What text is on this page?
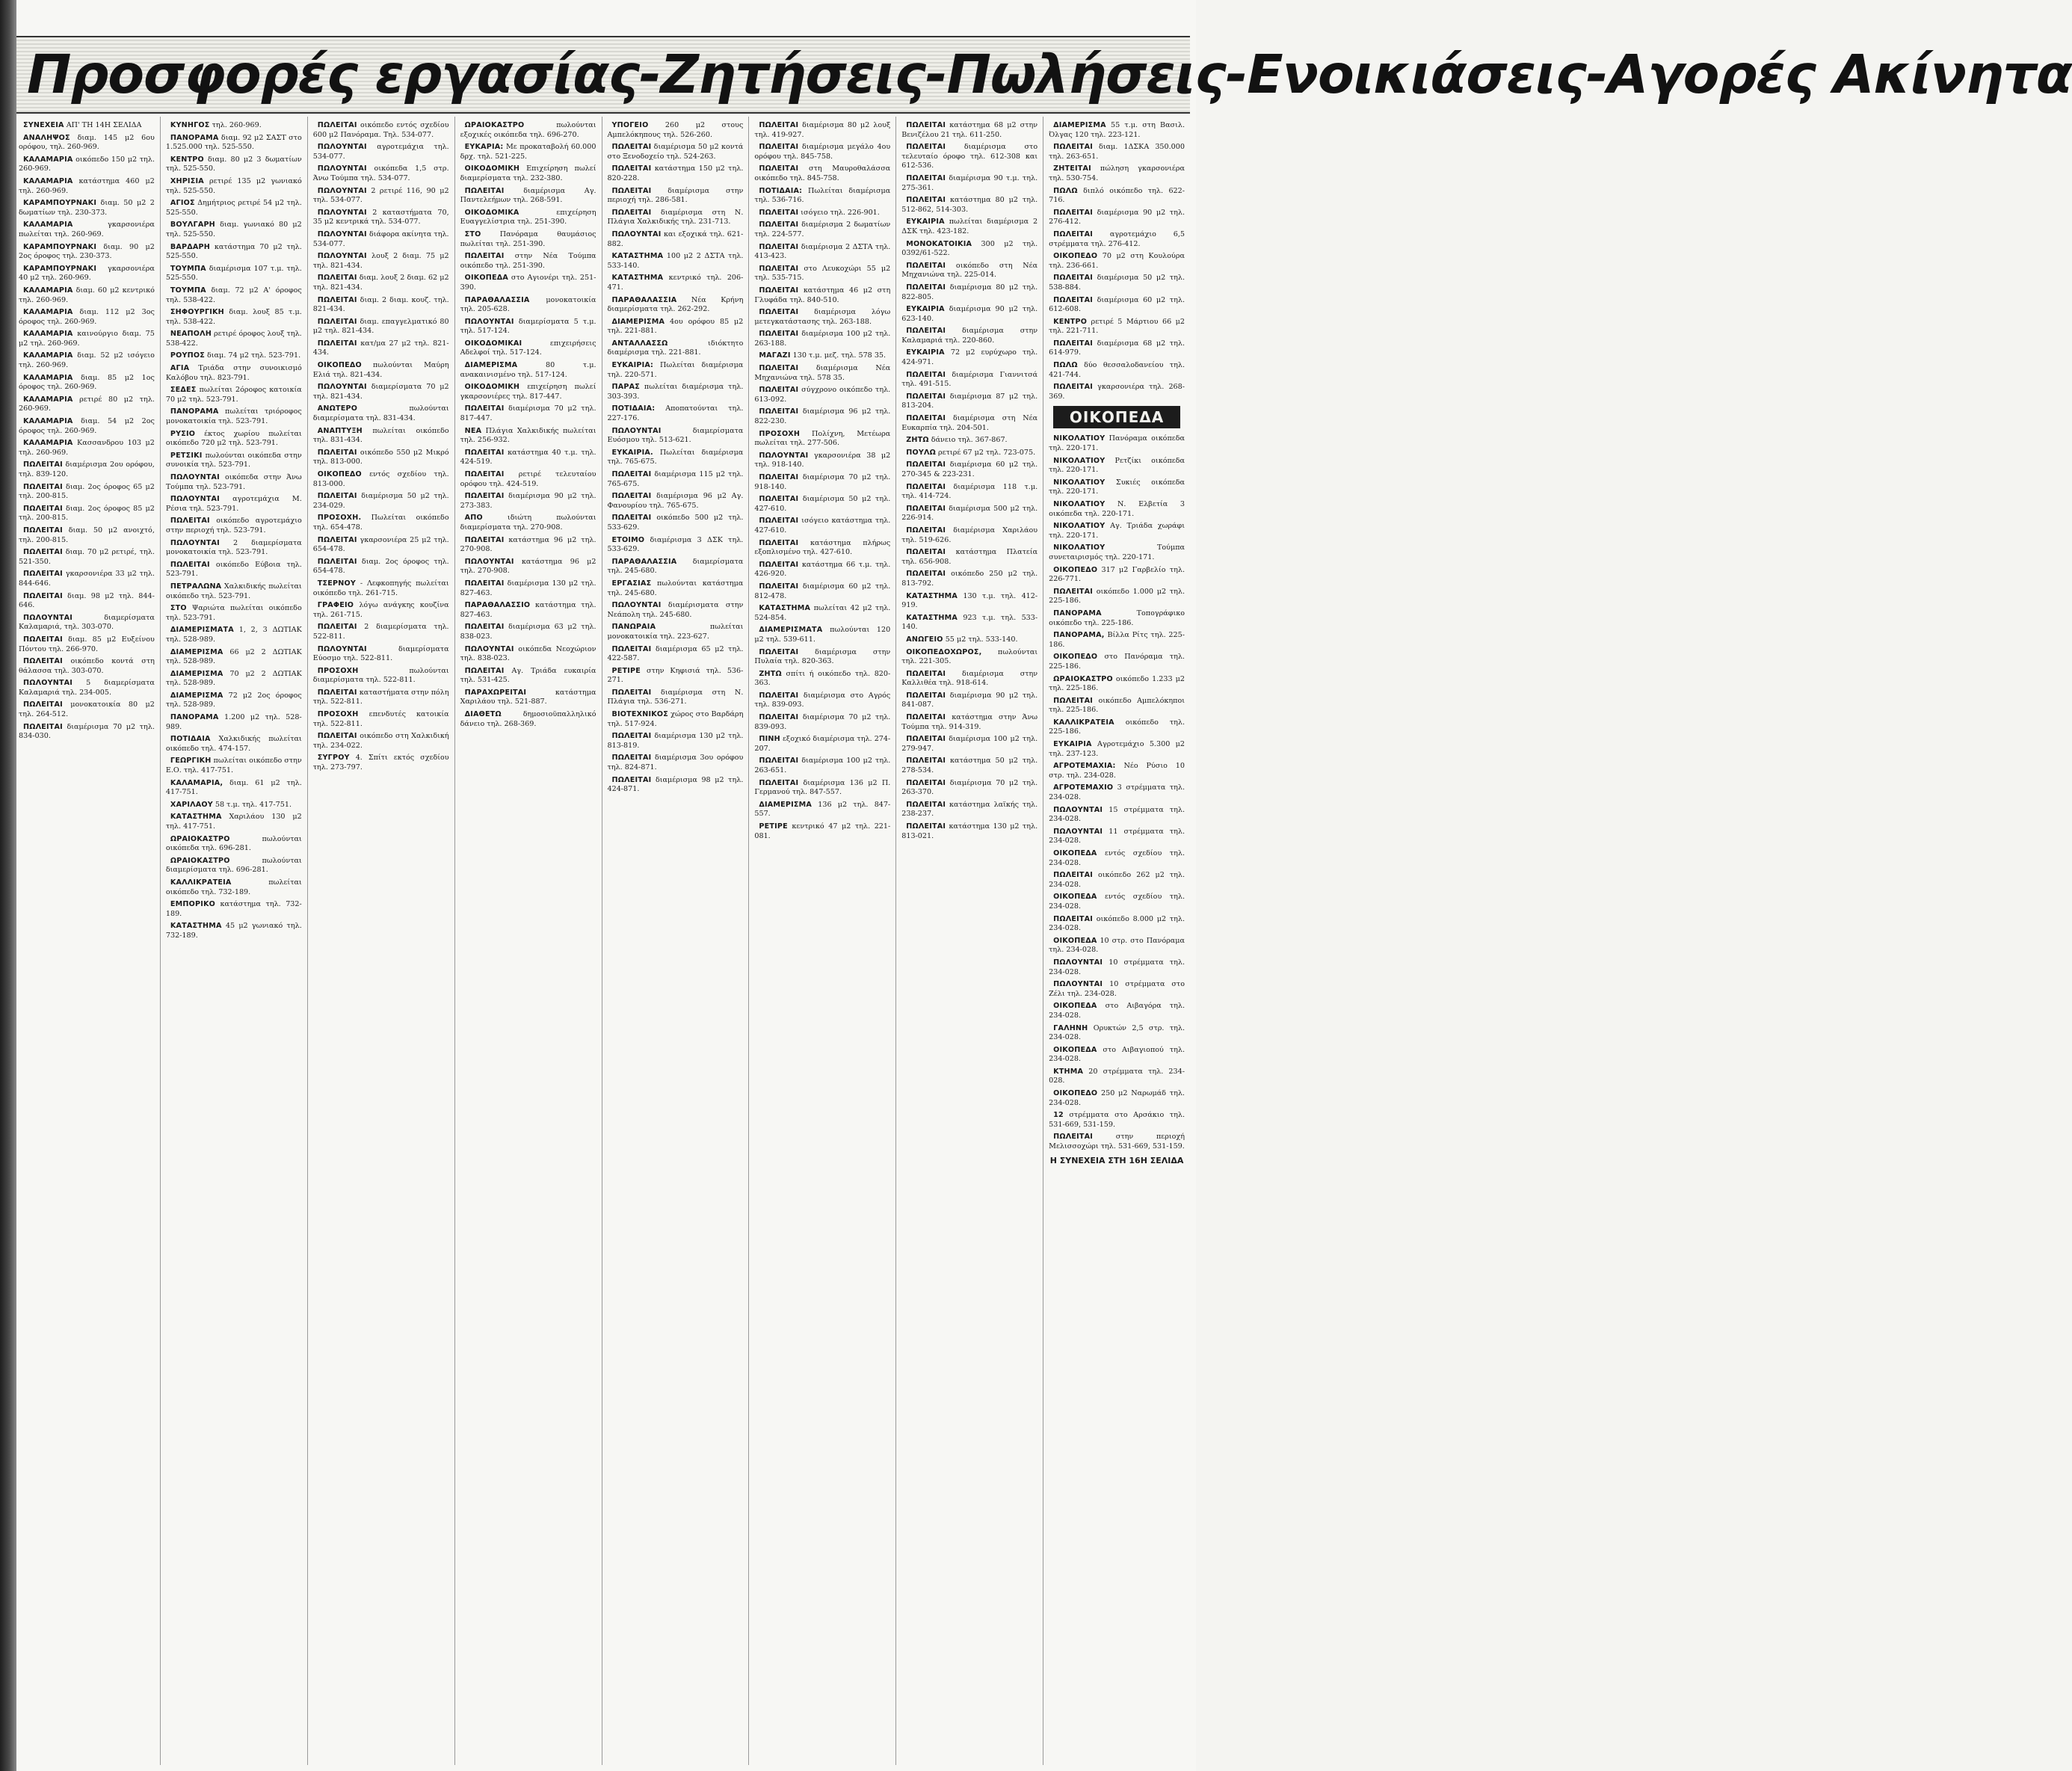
Προσφορές εργασίας-Ζητήσεις-Πωλήσεις-Ενοικιάσεις-Αγορές Ακίνητα

ΣΥΝΕΧΕΙΑ ΑΠ' ΤΗ 14Η ΣΕΛΙΔΑ

ΑΝΑΛΗΨΟΣ διαμ. 145 μ2 6ου ορόφου, τηλ. 260-969.

ΚΑΛΑΜΑΡΙΑ οικόπεδο 150 μ2 τηλ. 260-969.

ΚΑΛΑΜΑΡΙΑ κατάστημα 460 μ2 τηλ. 260-969.

ΚΑΡΑΜΠΟΥΡΝΑΚΙ διαμ. 50 μ2 2 δωματίων τηλ. 230-373.

ΚΑΛΑΜΑΡΙΑ γκαρσονιέρα πωλείται τηλ. 260-969.

ΚΑΡΑΜΠΟΥΡΝΑΚΙ διαμ. 90 μ2 2ος όροφος τηλ. 230-373.

ΚΑΡΑΜΠΟΥΡΝΑΚΙ γκαρσονιέρα 40 μ2 τηλ. 260-969.

ΚΑΛΑΜΑΡΙΑ διαμ. 60 μ2 κεντρικό τηλ. 260-969.

ΚΑΛΑΜΑΡΙΑ διαμ. 112 μ2 3ος όροφος τηλ. 260-969.

ΚΑΛΑΜΑΡΙΑ καινούργιο διαμ. 75 μ2 τηλ. 260-969.

ΚΑΛΑΜΑΡΙΑ διαμ. 52 μ2 ισόγειο τηλ. 260-969.

ΚΑΛΑΜΑΡΙΑ διαμ. 85 μ2 1ος όροφος τηλ. 260-969.

ΚΑΛΑΜΑΡΙΑ ρετιρέ 80 μ2 τηλ. 260-969.

ΚΑΛΑΜΑΡΙΑ διαμ. 54 μ2 2ος όροφος τηλ. 260-969.

ΚΑΛΑΜΑΡΙΑ Κασσανδρου 103 μ2 τηλ. 260-969.

ΠΩΛΕΙΤΑΙ διαμέρισμα 2ου ορόφου, τηλ. 839-120.

ΠΩΛΕΙΤΑΙ διαμ. 2ος όροφος 65 μ2 τηλ. 200-815.

ΠΩΛΕΙΤΑΙ διαμ. 2ος όροφος 85 μ2 τηλ. 200-815.

ΠΩΛΕΙΤΑΙ διαμ. 50 μ2 ανοιχτό, τηλ. 200-815.

ΠΩΛΕΙΤΑΙ διαμ. 70 μ2 ρετιρέ, τηλ. 521-350.

ΠΩΛΕΙΤΑΙ γκαρσονιέρα 33 μ2 τηλ. 844-646.

ΠΩΛΕΙΤΑΙ διαμ. 98 μ2 τηλ. 844-646.

ΠΩΛΟΥΝΤΑΙ διαμερίσματα Καλαμαριά, τηλ. 303-070.

ΠΩΛΕΙΤΑΙ διαμ. 85 μ2 Ευξείνου Πόντου τηλ. 266-970.

ΠΩΛΕΙΤΑΙ οικόπεδο κοντά στη θάλασσα τηλ. 303-070.

ΠΩΛΟΥΝΤΑΙ 5 διαμερίσματα Καλαμαριά τηλ. 234-005.

ΠΩΛΕΙΤΑΙ μονοκατοικία 80 μ2 τηλ. 264-512.

ΠΩΛΕΙΤΑΙ διαμέρισμα 70 μ2 τηλ. 834-030.

ΚΥΝΗΓΟΣ τηλ. 260-969.

ΠΑΝΟΡΑΜΑ διαμ. 92 μ2 ΣΑΣΤ στο 1.525.000 τηλ. 525-550.

ΚΕΝΤΡΟ διαμ. 80 μ2 3 δωματίων τηλ. 525-550.

ΧΗΡΙΣΙΑ ρετιρέ 135 μ2 γωνιακό τηλ. 525-550.

ΑΓΙΟΣ Δημήτριος ρετιρέ 54 μ2 τηλ. 525-550.

ΒΟΥΛΓΑΡΗ διαμ. γωνιακό 80 μ2 τηλ. 525-550.

ΒΑΡΔΑΡΗ κατάστημα 70 μ2 τηλ. 525-550.

ΤΟΥΜΠΑ διαμέρισμα 107 τ.μ. τηλ. 525-550.

ΤΟΥΜΠΑ διαμ. 72 μ2 Α' όροφος τηλ. 538-422.

ΣΗΦΟΥΡΓΙΚΗ διαμ. λουξ 85 τ.μ. τηλ. 538-422.

ΝΕΑΠΟΛΗ ρετιρέ όροφος λουξ τηλ. 538-422.

ΡΟΥΠΟΣ διαμ. 74 μ2 τηλ. 523-791.

ΑΓΙΑ Τριάδα στην συνοικισμό Καλόβου τηλ. 823-791.

ΣΕΔΕΣ πωλείται 2όροφος κατοικία 70 μ2 τηλ. 523-791.

ΠΑΝΟΡΑΜΑ πωλείται τριόροφος μονοκατοικία τηλ. 523-791.

ΡΥΣΙΟ έκτος χωρίου πωλείται οικόπεδο 720 μ2 τηλ. 523-791.

ΡΕΤΣΙΚΙ πωλούνται οικόπεδα στην συνοικία τηλ. 523-791.

ΠΩΛΟΥΝΤΑΙ οικόπεδα στην Άνω Τούμπα τηλ. 523-791.

ΠΩΛΟΥΝΤΑΙ αγροτεμάχια Μ. Ρέσια τηλ. 523-791.

ΠΩΛΕΙΤΑΙ οικόπεδο αγροτεμάχιο στην περιοχή τηλ. 523-791.

ΠΩΛΟΥΝΤΑΙ 2 διαμερίσματα μονοκατοικία τηλ. 523-791.

ΠΩΛΕΙΤΑΙ οικόπεδο Εύβοια τηλ. 523-791.

ΠΕΤΡΑΛΩΝΑ Χαλκιδικής πωλείται οικόπεδο τηλ. 523-791.

ΣΤΟ Ψαριώτα πωλείται οικόπεδο τηλ. 523-791.

ΔΙΑΜΕΡΙΣΜΑΤΑ 1, 2, 3 ΔΩΤΙΑΚ τηλ. 528-989.

ΔΙΑΜΕΡΙΣΜΑ 66 μ2 2 ΔΩΤΙΑΚ τηλ. 528-989.

ΔΙΑΜΕΡΙΣΜΑ 70 μ2 2 ΔΩΤΙΑΚ τηλ. 528-989.

ΔΙΑΜΕΡΙΣΜΑ 72 μ2 2ος όροφος τηλ. 528-989.

ΠΑΝΟΡΑΜΑ 1.200 μ2 τηλ. 528-989.

ΠΟΤΙΔΑΙΑ Χαλκιδικής πωλείται οικόπεδο τηλ. 474-157.

ΓΕΩΡΓΙΚΗ πωλείται οικόπεδο στην Ε.Ο. τηλ. 417-751.

ΚΑΛΑΜΑΡΙΑ, διαμ. 61 μ2 τηλ. 417-751.

ΧΑΡΙΛΑΟΥ 58 τ.μ. τηλ. 417-751.

ΚΑΤΑΣΤΗΜΑ Χαριλάου 130 μ2 τηλ. 417-751.

ΩΡΑΙΟΚΑΣΤΡΟ πωλούνται οικόπεδα τηλ. 696-281.

ΩΡΑΙΟΚΑΣΤΡΟ πωλούνται διαμερίσματα τηλ. 696-281.

ΚΑΛΛΙΚΡΑΤΕΙΑ πωλείται οικόπεδο τηλ. 732-189.

ΕΜΠΟΡΙΚΟ κατάστημα τηλ. 732-189.

ΚΑΤΑΣΤΗΜΑ 45 μ2 γωνιακό τηλ. 732-189.

ΠΩΛΕΙΤΑΙ οικόπεδο εντός σχεδίου 600 μ2 Πανόραμα. Τηλ. 534-077.

ΠΩΛΟΥΝΤΑΙ αγροτεμάχια τηλ. 534-077.

ΠΩΛΟΥΝΤΑΙ οικόπεδα 1,5 στρ. Άνω Τούμπα τηλ. 534-077.

ΠΩΛΟΥΝΤΑΙ 2 ρετιρέ 116, 90 μ2 τηλ. 534-077.

ΠΩΛΟΥΝΤΑΙ 2 καταστήματα 70, 35 μ2 κεντρικά τηλ. 534-077.

ΠΩΛΟΥΝΤΑΙ διάφορα ακίνητα τηλ. 534-077.

ΠΩΛΟΥΝΤΑΙ λουξ 2 διαμ. 75 μ2 τηλ. 821-434.

ΠΩΛΕΙΤΑΙ διαμ. λουξ 2 διαμ. 62 μ2 τηλ. 821-434.

ΠΩΛΕΙΤΑΙ διαμ. 2 διαμ. κουζ. τηλ. 821-434.

ΠΩΛΕΙΤΑΙ διαμ. επαγγελματικό 80 μ2 τηλ. 821-434.

ΠΩΛΕΙΤΑΙ κατ/μα 27 μ2 τηλ. 821-434.

ΟΙΚΟΠΕΔΟ πωλούνται Μαύρη Ελιά τηλ. 821-434.

ΠΩΛΟΥΝΤΑΙ διαμερίσματα 70 μ2 τηλ. 821-434.

ΑΝΩΤΕΡΟ πωλούνται διαμερίσματα τηλ. 831-434.

ΑΝΑΠΤΥΞΗ πωλείται οικόπεδο τηλ. 831-434.

ΠΩΛΕΙΤΑΙ οικόπεδο 550 μ2 Μικρό τηλ. 813-000.

ΟΙΚΟΠΕΔΟ εντός σχεδίου τηλ. 813-000.

ΠΩΛΕΙΤΑΙ διαμέρισμα 50 μ2 τηλ. 234-029.

ΠΡΟΣΟΧΗ. Πωλείται οικόπεδο τηλ. 654-478.

ΠΩΛΕΙΤΑΙ γκαρσονιέρα 25 μ2 τηλ. 654-478.

ΠΩΛΕΙΤΑΙ διαμ. 2ος όροφος τηλ. 654-478.

ΤΣΕΡΝΟΥ - Λεφκοπηγής πωλείται οικόπεδο τηλ. 261-715.

ΓΡΑΦΕΙΟ λόγω ανάγκης κουζίνα τηλ. 261-715.

ΠΩΛΕΙΤΑΙ 2 διαμερίσματα τηλ. 522-811.

ΠΩΛΟΥΝΤΑΙ διαμερίσματα Εύοσμο τηλ. 522-811.

ΠΡΟΣΟΧΗ πωλούνται διαμερίσματα τηλ. 522-811.

ΠΩΛΕΙΤΑΙ καταστήματα στην πόλη τηλ. 522-811.

ΠΡΟΣΟΧΗ επενδυτές κατοικία τηλ. 522-811.

ΠΩΛΕΙΤΑΙ οικόπεδο στη Χαλκιδική τηλ. 234-022.

ΣΥΓΡΟΥ 4. Σπίτι εκτός σχεδίου τηλ. 273-797.

ΩΡΑΙΟΚΑΣΤΡΟ πωλούνται εξοχικές οικόπεδα τηλ. 696-270.

ΕΥΚΑΡΙΑ: Με προκαταβολή 60.000 δρχ. τηλ. 521-225.

ΟΙΚΟΔΟΜΙΚΗ Επιχείρηση πωλεί διαμερίσματα τηλ. 232-380.

ΠΩΛΕΙΤΑΙ διαμέρισμα Αγ. Παντελεήμων τηλ. 268-591.

ΟΙΚΟΔΟΜΙΚΑ επιχείρηση Ευαγγελίστρια τηλ. 251-390.

ΣΤΟ Πανόραμα θαυμάσιος πωλείται τηλ. 251-390.

ΠΩΛΕΙΤΑΙ στην Νέα Τούμπα οικόπεδο τηλ. 251-390.

ΟΙΚΟΠΕΔΑ στο Αγιονέρι τηλ. 251-390.

ΠΑΡΑΘΑΛΑΣΣΙΑ μονοκατοικία τηλ. 205-628.

ΠΩΛΟΥΝΤΑΙ διαμερίσματα 5 τ.μ. τηλ. 517-124.

ΟΙΚΟΔΟΜΙΚΑΙ επιχειρήσεις Αδελφοί τηλ. 517-124.

ΔΙΑΜΕΡΙΣΜΑ 80 τ.μ. ανακαινισμένο τηλ. 517-124.

ΟΙΚΟΔΟΜΙΚΗ επιχείρηση πωλεί γκαρσονιέρες τηλ. 817-447.

ΠΩΛΕΙΤΑΙ διαμέρισμα 70 μ2 τηλ. 817-447.

ΝΕΑ Πλάγια Χαλκιδικής πωλείται τηλ. 256-932.

ΠΩΛΕΙΤΑΙ κατάστημα 40 τ.μ. τηλ. 424-519.

ΠΩΛΕΙΤΑΙ ρετιρέ τελευταίου ορόφου τηλ. 424-519.

ΠΩΛΕΙΤΑΙ διαμέρισμα 90 μ2 τηλ. 273-383.

ΑΠΟ ιδιώτη πωλούνται διαμερίσματα τηλ. 270-908.

ΠΩΛΕΙΤΑΙ κατάστημα 96 μ2 τηλ. 270-908.

ΠΩΛΟΥΝΤΑΙ κατάστημα 96 μ2 τηλ. 270-908.

ΠΩΛΕΙΤΑΙ διαμέρισμα 130 μ2 τηλ. 827-463.

ΠΑΡΑΘΑΛΑΣΣΙΟ κατάστημα τηλ. 827-463.

ΠΩΛΕΙΤΑΙ διαμέρισμα 63 μ2 τηλ. 838-023.

ΠΩΛΟΥΝΤΑΙ οικόπεδα Νεοχώριον τηλ. 838-023.

ΠΩΛΕΙΤΑΙ Αγ. Τριάδα ευκαιρία τηλ. 531-425.

ΠΑΡΑΧΩΡΕΙΤΑΙ κατάστημα Χαριλάου τηλ. 521-887.

ΔΙΑΘΕΤΩ δημοσιοϋπαλληλικό δάνειο τηλ. 268-369.

ΥΠΟΓΕΙΟ 260 μ2 στους Αμπελόκηπους τηλ. 526-260.

ΠΩΛΕΙΤΑΙ διαμέρισμα 50 μ2 κοντά στο Ξενοδοχείο τηλ. 524-263.

ΠΩΛΕΙΤΑΙ κατάστημα 150 μ2 τηλ. 820-228.

ΠΩΛΕΙΤΑΙ διαμέρισμα στην περιοχή τηλ. 286-581.

ΠΩΛΕΙΤΑΙ διαμέρισμα στη Ν. Πλάγια Χαλκιδικής τηλ. 231-713.

ΠΩΛΟΥΝΤΑΙ και εξοχικά τηλ. 621-882.

ΚΑΤΑΣΤΗΜΑ 100 μ2 2 ΔΣΤΑ τηλ. 533-140.

ΚΑΤΑΣΤΗΜΑ κεντρικό τηλ. 206-471.

ΠΑΡΑΘΑΛΑΣΣΙΑ Νέα Κρήνη διαμερίσματα τηλ. 262-292.

ΔΙΑΜΕΡΙΣΜΑ 4ου ορόφου 85 μ2 τηλ. 221-881.

ΑΝΤΑΛΛΑΣΣΩ ιδιόκτητο διαμέρισμα τηλ. 221-881.

ΕΥΚΑΙΡΙΑ: Πωλείται διαμέρισμα τηλ. 220-571.

ΠΑΡΑΣ πωλείται διαμέρισμα τηλ. 303-393.

ΠΟΤΙΔΑΙΑ: Αποπατούνται τηλ. 227-176.

ΠΩΛΟΥΝΤΑΙ διαμερίσματα Ευόσμου τηλ. 513-621.

ΕΥΚΑΙΡΙΑ. Πωλείται διαμέρισμα τηλ. 765-675.

ΠΩΛΕΙΤΑΙ διαμέρισμα 115 μ2 τηλ. 765-675.

ΠΩΛΕΙΤΑΙ διαμέρισμα 96 μ2 Αγ. Φανουρίου τηλ. 765-675.

ΠΩΛΕΙΤΑΙ οικόπεδο 500 μ2 τηλ. 533-629.

ΕΤΟΙΜΟ διαμέρισμα 3 ΔΣΚ τηλ. 533-629.

ΠΑΡΑΘΑΛΑΣΣΙΑ διαμερίσματα τηλ. 245-680.

ΕΡΓΑΣΙΑΣ πωλούνται κατάστημα τηλ. 245-680.

ΠΩΛΟΥΝΤΑΙ διαμέρισματα στην Νεάπολη τηλ. 245-680.

ΠΑΝΩΡΑΙΑ πωλείται μονοκατοικία τηλ. 223-627.

ΠΩΛΕΙΤΑΙ διαμέρισμα 65 μ2 τηλ. 422-587.

ΡΕΤΙΡΕ στην Κηφισιά τηλ. 536-271.

ΠΩΛΕΙΤΑΙ διαμέρισμα στη Ν. Πλάγια τηλ. 536-271.

ΒΙΟΤΕΧΝΙΚΟΣ χώρος στο Βαρδάρη τηλ. 517-924.

ΠΩΛΕΙΤΑΙ διαμέρισμα 130 μ2 τηλ. 813-819.

ΠΩΛΕΙΤΑΙ διαμέρισμα 3ου ορόφου τηλ. 824-871.

ΠΩΛΕΙΤΑΙ διαμέρισμα 98 μ2 τηλ. 424-871.

ΠΩΛΕΙΤΑΙ διαμέρισμα 80 μ2 λουξ τηλ. 419-927.

ΠΩΛΕΙΤΑΙ διαμέρισμα μεγάλο 4ου ορόφου τηλ. 845-758.

ΠΩΛΕΙΤΑΙ στη Μαυροθαλάσσα οικόπεδο τηλ. 845-758.

ΠΟΤΙΔΑΙΑ: Πωλείται διαμέρισμα τηλ. 536-716.

ΠΩΛΕΙΤΑΙ ισόγειο τηλ. 226-901.

ΠΩΛΕΙΤΑΙ διαμέρισμα 2 δωματίων τηλ. 224-577.

ΠΩΛΕΙΤΑΙ διαμέρισμα 2 ΔΣΤΑ τηλ. 413-423.

ΠΩΛΕΙΤΑΙ στο Λευκοχώρι 55 μ2 τηλ. 535-715.

ΠΩΛΕΙΤΑΙ κατάστημα 46 μ2 στη Γλυφάδα τηλ. 840-510.

ΠΩΛΕΙΤΑΙ διαμέρισμα λόγω μετεγκατάστασης τηλ. 263-188.

ΠΩΛΕΙΤΑΙ διαμέρισμα 100 μ2 τηλ. 263-188.

ΜΑΓΑΖΙ 130 τ.μ. μεζ. τηλ. 578 35.

ΠΩΛΕΙΤΑΙ διαμέρισμα Νέα Μηχανιώνα τηλ. 578 35.

ΠΩΛΕΙΤΑΙ σύγχρονο οικόπεδο τηλ. 613-092.

ΠΩΛΕΙΤΑΙ διαμέρισμα 96 μ2 τηλ. 822-230.

ΠΡΟΣΟΧΗ Πολίχνη, Μετέωρα πωλείται τηλ. 277-506.

ΠΩΛΟΥΝΤΑΙ γκαρσονιέρα 38 μ2 τηλ. 918-140.

ΠΩΛΕΙΤΑΙ διαμέρισμα 70 μ2 τηλ. 918-140.

ΠΩΛΕΙΤΑΙ διαμέρισμα 50 μ2 τηλ. 427-610.

ΠΩΛΕΙΤΑΙ ισόγειο κατάστημα τηλ. 427-610.

ΠΩΛΕΙΤΑΙ κατάστημα πλήρως εξοπλισμένο τηλ. 427-610.

ΠΩΛΕΙΤΑΙ κατάστημα 66 τ.μ. τηλ. 426-920.

ΠΩΛΕΙΤΑΙ διαμέρισμα 60 μ2 τηλ. 812-478.

ΚΑΤΑΣΤΗΜΑ πωλείται 42 μ2 τηλ. 524-854.

ΔΙΑΜΕΡΙΣΜΑΤΑ πωλούνται 120 μ2 τηλ. 539-611.

ΠΩΛΕΙΤΑΙ διαμέρισμα στην Πυλαία τηλ. 820-363.

ΖΗΤΩ σπίτι ή οικόπεδο τηλ. 820-363.

ΠΩΛΕΙΤΑΙ διαμέρισμα στο Αγρός τηλ. 839-093.

ΠΩΛΕΙΤΑΙ διαμέρισμα 70 μ2 τηλ. 839-093.

ΠΙΝΗ εξοχικό διαμέρισμα τηλ. 274-207.

ΠΩΛΕΙΤΑΙ διαμέρισμα 100 μ2 τηλ. 263-651.

ΠΩΛΕΙΤΑΙ διαμέρισμα 136 μ2 Π. Γερμανού τηλ. 847-557.

ΔΙΑΜΕΡΙΣΜΑ 136 μ2 τηλ. 847-557.

ΡΕΤΙΡΕ κεντρικό 47 μ2 τηλ. 221-081.

ΠΩΛΕΙΤΑΙ κατάστημα 68 μ2 στην Βενιζέλου 21 τηλ. 611-250.

ΠΩΛΕΙΤΑΙ διαμέρισμα στο τελευταίο όροφο τηλ. 612-308 και 612-536.

ΠΩΛΕΙΤΑΙ διαμέρισμα 90 τ.μ. τηλ. 275-361.

ΠΩΛΕΙΤΑΙ κατάστημα 80 μ2 τηλ. 512-862, 514-303.

ΕΥΚΑΙΡΙΑ πωλείται διαμέρισμα 2 ΔΣΚ τηλ. 423-182.

ΜΟΝΟΚΑΤΟΙΚΙΑ 300 μ2 τηλ. 0392/61-522.

ΠΩΛΕΙΤΑΙ οικόπεδο στη Νέα Μηχανιώνα τηλ. 225-014.

ΠΩΛΕΙΤΑΙ διαμέρισμα 80 μ2 τηλ. 822-805.

ΕΥΚΑΙΡΙΑ διαμέρισμα 90 μ2 τηλ. 623-140.

ΠΩΛΕΙΤΑΙ διαμέρισμα στην Καλαμαριά τηλ. 220-860.

ΕΥΚΑΙΡΙΑ 72 μ2 ευρύχωρο τηλ. 424-971.

ΠΩΛΕΙΤΑΙ διαμέρισμα Γιαννιτσά τηλ. 491-515.

ΠΩΛΕΙΤΑΙ διαμέρισμα 87 μ2 τηλ. 813-204.

ΠΩΛΕΙΤΑΙ διαμέρισμα στη Νέα Ευκαρπία τηλ. 204-501.

ΖΗΤΩ δάνειο τηλ. 367-867.

ΠΟΥΛΩ ρετιρέ 67 μ2 τηλ. 723-075.

ΠΩΛΕΙΤΑΙ διαμέρισμα 60 μ2 τηλ. 270-345 & 223-231.

ΠΩΛΕΙΤΑΙ διαμέρισμα 118 τ.μ. τηλ. 414-724.

ΠΩΛΕΙΤΑΙ διαμέρισμα 500 μ2 τηλ. 226-914.

ΠΩΛΕΙΤΑΙ διαμέρισμα Χαριλάου τηλ. 519-626.

ΠΩΛΕΙΤΑΙ κατάστημα Πλατεία τηλ. 656-908.

ΠΩΛΕΙΤΑΙ οικόπεδο 250 μ2 τηλ. 813-792.

ΚΑΤΑΣΤΗΜΑ 130 τ.μ. τηλ. 412-919.

ΚΑΤΑΣΤΗΜΑ 923 τ.μ. τηλ. 533-140.

ΑΝΩΓΕΙΟ 55 μ2 τηλ. 533-140.

ΟΙΚΟΠΕΔΟΧΩΡΟΣ, πωλούνται τηλ. 221-305.

ΠΩΛΕΙΤΑΙ διαμέρισμα στην Καλλιθέα τηλ. 918-614.

ΠΩΛΕΙΤΑΙ διαμέρισμα 90 μ2 τηλ. 841-087.

ΠΩΛΕΙΤΑΙ κατάστημα στην Άνω Τούμπα τηλ. 914-319.

ΠΩΛΕΙΤΑΙ διαμέρισμα 100 μ2 τηλ. 279-947.

ΠΩΛΕΙΤΑΙ κατάστημα 50 μ2 τηλ. 278-534.

ΠΩΛΕΙΤΑΙ διαμέρισμα 70 μ2 τηλ. 263-370.

ΠΩΛΕΙΤΑΙ κατάστημα λαϊκής τηλ. 238-237.

ΠΩΛΕΙΤΑΙ κατάστημα 130 μ2 τηλ. 813-021.

ΔΙΑΜΕΡΙΣΜΑ 55 τ.μ. στη Βασιλ. Όλγας 120 τηλ. 223-121.

ΠΩΛΕΙΤΑΙ διαμ. 1ΔΣΚΑ 350.000 τηλ. 263-651.

ΖΗΤΕΙΤΑΙ πώληση γκαρσονιέρα τηλ. 530-754.

ΠΩΛΩ διπλό οικόπεδο τηλ. 622-716.

ΠΩΛΕΙΤΑΙ διαμέρισμα 90 μ2 τηλ. 276-412.

ΠΩΛΕΙΤΑΙ αγροτεμάχιο 6,5 στρέμματα τηλ. 276-412.

ΟΙΚΟΠΕΔΟ 70 μ2 στη Κουλούρα τηλ. 236-661.

ΠΩΛΕΙΤΑΙ διαμέρισμα 50 μ2 τηλ. 538-884.

ΠΩΛΕΙΤΑΙ διαμέρισμα 60 μ2 τηλ. 612-608.

ΚΕΝΤΡΟ ρετιρέ 5 Μάρτιου 66 μ2 τηλ. 221-711.

ΠΩΛΕΙΤΑΙ διαμέρισμα 68 μ2 τηλ. 614-979.

ΠΩΛΩ δύο θεσσαλοδανείου τηλ. 421-744.

ΠΩΛΕΙΤΑΙ γκαρσονιέρα τηλ. 268-369.

ΟΙΚΟΠΕΔΑ

ΝΙΚΟΛΑΤΙΟΥ Πανόραμα οικόπεδα τηλ. 220-171.

ΝΙΚΟΛΑΤΙΟΥ Ρετζίκι οικόπεδα τηλ. 220-171.

ΝΙΚΟΛΑΤΙΟΥ Συκιές οικόπεδα τηλ. 220-171.

ΝΙΚΟΛΑΤΙΟΥ Ν. Ελβετία 3 οικόπεδα τηλ. 220-171.

ΝΙΚΟΛΑΤΙΟΥ Αγ. Τριάδα χωράφι τηλ. 220-171.

ΝΙΚΟΛΑΤΙΟΥ Τούμπα συνεταιρισμός τηλ. 220-171.

ΟΙΚΟΠΕΔΟ 317 μ2 Γαρβελίο τηλ. 226-771.

ΠΩΛΕΙΤΑΙ οικόπεδο 1.000 μ2 τηλ. 225-186.

ΠΑΝΟΡΑΜΑ Τοπογράφικο οικόπεδο τηλ. 225-186.

ΠΑΝΟΡΑΜΑ, Βίλλα Ρίτς τηλ. 225-186.

ΟΙΚΟΠΕΔΟ στο Πανόραμα τηλ. 225-186.

ΩΡΑΙΟΚΑΣΤΡΟ οικόπεδο 1.233 μ2 τηλ. 225-186.

ΠΩΛΕΙΤΑΙ οικόπεδο Αμπελόκηποι τηλ. 225-186.

ΚΑΛΛΙΚΡΑΤΕΙΑ οικόπεδο τηλ. 225-186.

ΕΥΚΑΙΡΙΑ Αγροτεμάχιο 5.300 μ2 τηλ. 237-123.

ΑΓΡΟΤΕΜΑΧΙΑ: Νέο Ρύσιο 10 στρ. τηλ. 234-028.

ΑΓΡΟΤΕΜΑΧΙΟ 3 στρέμματα τηλ. 234-028.

ΠΩΛΟΥΝΤΑΙ 15 στρέμματα τηλ. 234-028.

ΠΩΛΟΥΝΤΑΙ 11 στρέμματα τηλ. 234-028.

ΟΙΚΟΠΕΔΑ εντός σχεδίου τηλ. 234-028.

ΠΩΛΕΙΤΑΙ οικόπεδο 262 μ2 τηλ. 234-028.

ΟΙΚΟΠΕΔΑ εντός σχεδίου τηλ. 234-028.

ΠΩΛΕΙΤΑΙ οικόπεδο 8.000 μ2 τηλ. 234-028.

ΟΙΚΟΠΕΔΑ 10 στρ. στο Πανόραμα τηλ. 234-028.

ΠΩΛΟΥΝΤΑΙ 10 στρέμματα τηλ. 234-028.

ΠΩΛΟΥΝΤΑΙ 10 στρέμματα στο Ζέλι τηλ. 234-028.

ΟΙΚΟΠΕΔΑ στο Αιβαγόρα τηλ. 234-028.

ΓΑΛΗΝΗ Ορυκτών 2,5 στρ. τηλ. 234-028.

ΟΙΚΟΠΕΔΑ στο Αιβαγιοπού τηλ. 234-028.

ΚΤΗΜΑ 20 στρέμματα τηλ. 234-028.

ΟΙΚΟΠΕΔΟ 250 μ2 Ναρωμάδ τηλ. 234-028.

12 στρέμματα στο Αρσάκιο τηλ. 531-669, 531-159.

ΠΩΛΕΙΤΑΙ στην περιοχή Μελισσοχώρι τηλ. 531-669, 531-159.

Η ΣΥΝΕΧΕΙΑ ΣΤΗ 16Η ΣΕΛΙΔΑ
